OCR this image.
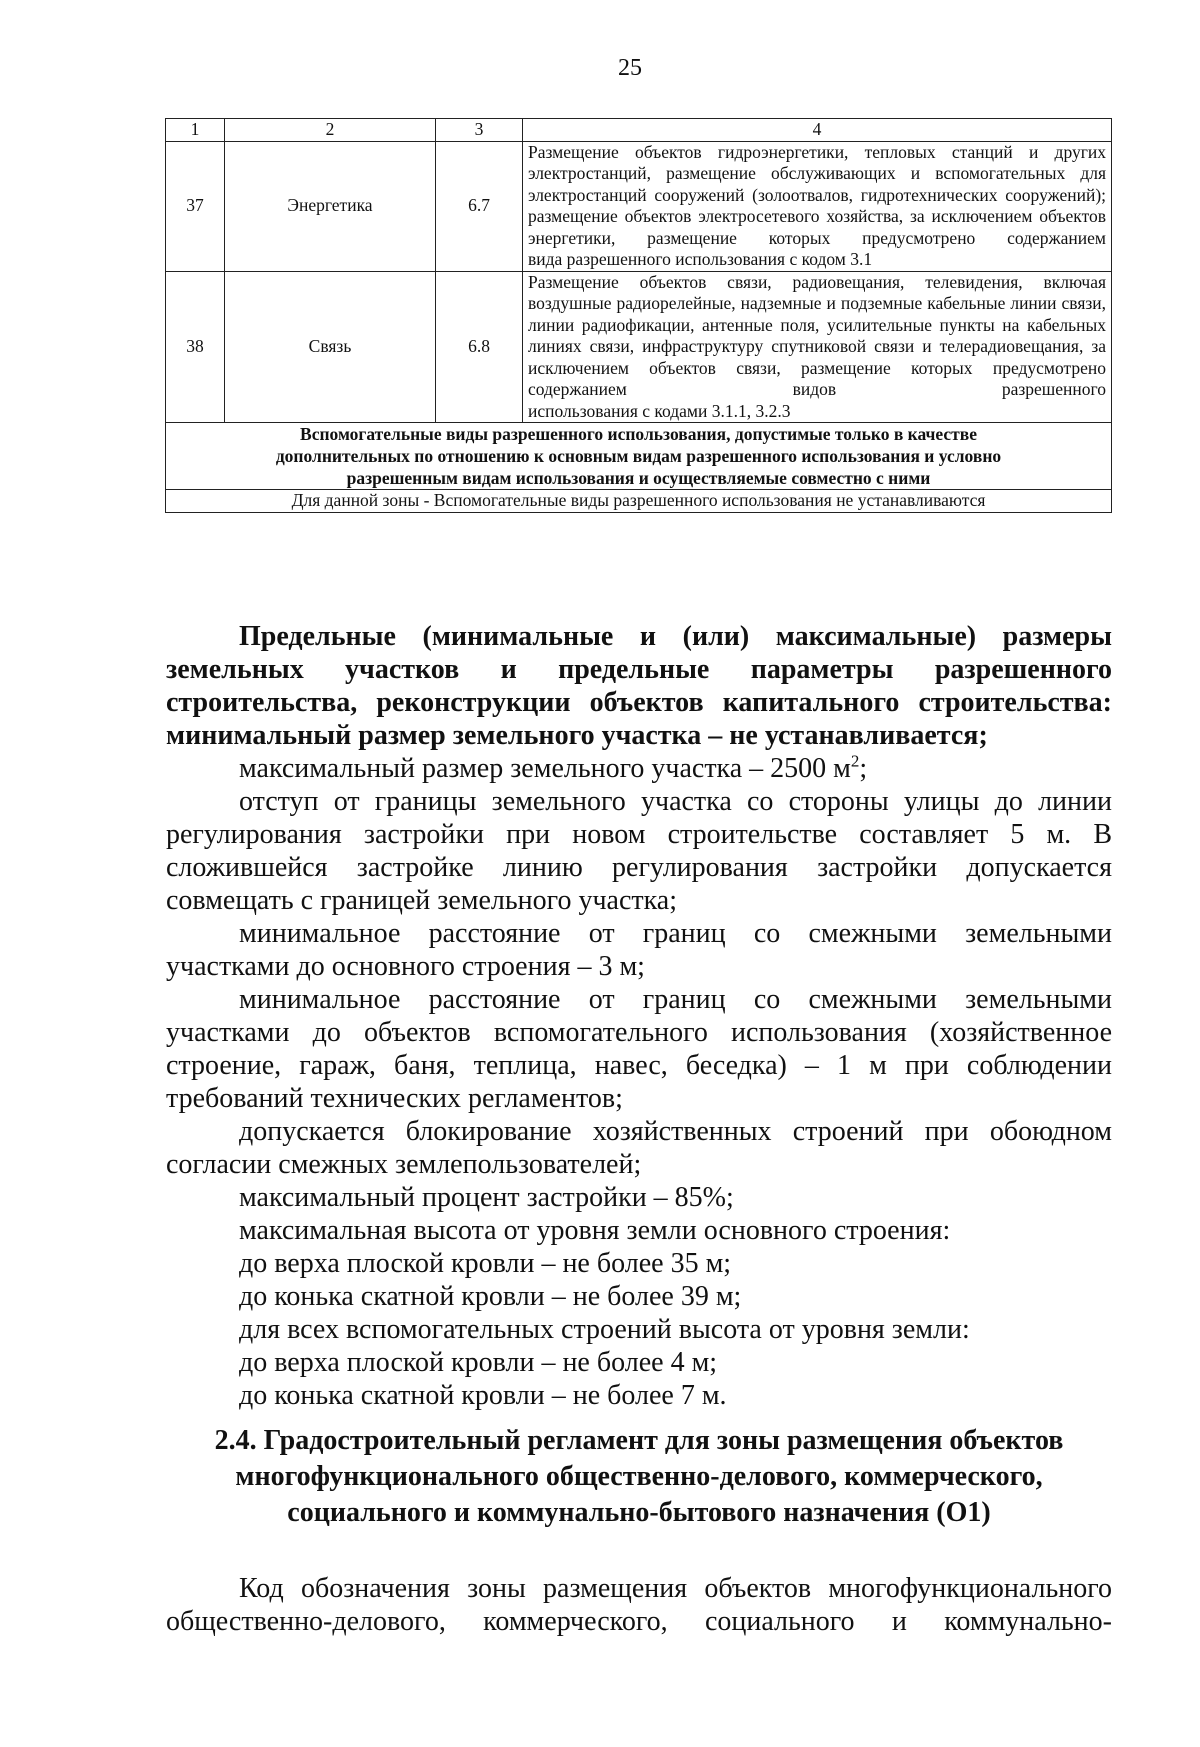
25
1	2	3	4
37	Энергетика	6.7	Размещение объектов гидроэнергетики, тепловых станций и других электростанций, размещение обслуживающих и вспомогательных для электростанций сооружений (золоотвалов, гидротехнических сооружений); размещение объектов электросетевого хозяйства, за исключением объектов энергетики, размещение которых предусмотрено содержанием
вида разрешенного использования с кодом 3.1

38	Связь	6.8	Размещение объектов связи, радиовещания, телевидения, включая воздушные радиорелейные, надземные и подземные кабельные линии связи, линии радиофикации, антенные поля, усилительные пункты на кабельных линиях связи, инфраструктуру спутниковой связи и телерадиовещания, за исключением объектов связи, размещение которых предусмотрено содержанием видов разрешенного
использования с кодами 3.1.1, 3.2.3

Вспомогательные виды разрешенного использования, допустимые только в качестве
дополнительных по отношению к основным видам разрешенного использования и условно
разрешенным видам использования и осуществляемые совместно с ними			
Для данной зоны - Вспомогательные виды разрешенного использования не устанавливаются			

Предельные (минимальные и (или) максимальные) размеры земельных участков и предельные параметры разрешенного строительства, реконструкции объектов капитального строительства: минимальный размер земельного участка – не устанавливается;

максимальный размер земельного участка – 2500 $м^2$;

отступ от границы земельного участка со стороны улицы до линии регулирования застройки при новом строительстве составляет 5 м. В сложившейся застройке линию регулирования застройки допускается совмещать с границей земельного участка;

минимальное расстояние от границ со смежными земельными участками до основного строения – 3 м;

минимальное расстояние от границ со смежными земельными участками до объектов вспомогательного использования (хозяйственное строение, гараж, баня, теплица, навес, беседка) – 1 м при соблюдении требований технических регламентов;

допускается блокирование хозяйственных строений при обоюдном согласии смежных землепользователей;

максимальный процент застройки – 85%;

максимальная высота от уровня земли основного строения:

до верха плоской кровли – не более 35 м;

до конька скатной кровли – не более 39 м;

для всех вспомогательных строений высота от уровня земли:

до верха плоской кровли – не более 4 м;

до конька скатной кровли – не более 7 м.

2.4. Градостроительный регламент для зоны размещения объектов
многофункционального общественно-делового, коммерческого,
социального и коммунально-бытового назначения (О1)

Код обозначения зоны размещения объектов многофункционального общественно-делового, коммерческого, социального и коммунально-
